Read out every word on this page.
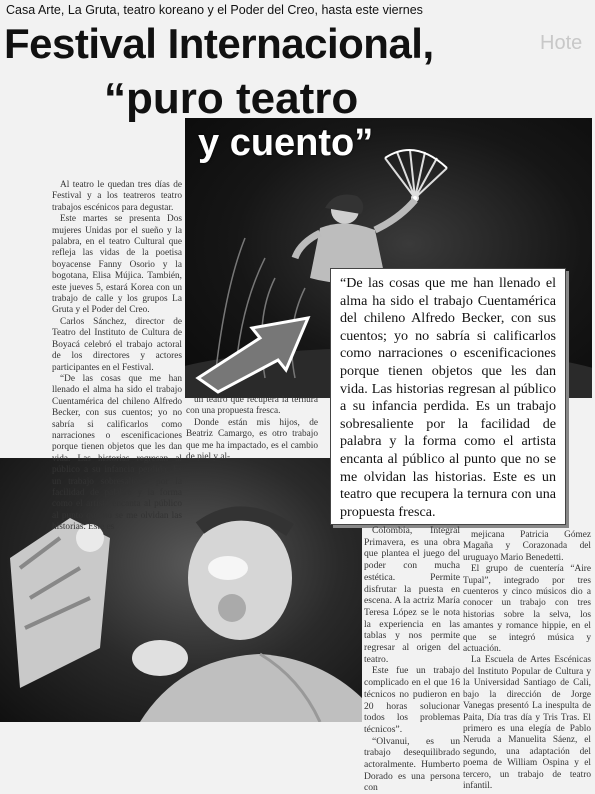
Casa Arte, La Gruta, teatro koreano y el Poder del Creo, hasta este viernes
Hote
Festival Internacional,
“puro teatro
y cuento”

Al teatro le quedan tres días de Festival y a los teatreros teatro trabajos escénicos para degustar.

Este martes se presenta Dos mujeres Unidas por el sueño y la palabra, en el teatro Cultural que refleja las vidas de la poetisa boyacense Fanny Osorio y la bogotana, Elisa Mújica. También, este jueves 5, estará Korea con un trabajo de calle y los grupos La Gruta y el Poder del Creo.

Carlos Sánchez, director de Teatro del Instituto de Cultura de Boyacá celebró el trabajo actoral de los directores y actores participantes en el Festival.

“De las cosas que me han llenado el alma ha sido el trabajo Cuentamérica del chileno Alfredo Becker, con sus cuentos; yo no sabría si calificarlos como narraciones o escenificaciones porque tienen objetos que les dan vida. Las historias regresan al público a su infancia perdida. Es un trabajo sobresaliente por la facilidad de palabra y la forma como el artista encanta al público al punto que no se me olvidan las historias. Este es

un teatro que recupera la ternura con una propuesta fresca.

Donde están mis hijos, de Beatriz Camargo, es otro trabajo que me ha impactado, es el cambio de piel y al-

“De las cosas que me han llenado el alma ha sido el trabajo Cuentamérica del chileno Alfredo Becker, con sus cuentos; yo no sabría si calificarlos como narraciones o escenificaciones porque tienen objetos que les dan vida. Las historias regresan al público a su infancia perdida. Es un trabajo sobresaliente por la facilidad de palabra y la forma como el artista encanta al público al punto que no se me olvidan las historias. Este es un teatro que recupera la ternura con una propuesta fresca.

Colombia, Integral Primavera, es una obra que plantea el juego del poder con mucha estética. Permite disfrutar la puesta en escena. A la actriz María Teresa López se le nota la experiencia en las tablas y nos permite regresar al origen del teatro.

Este fue un trabajo complicado en el que 16 técnicos no pudieron en 20 horas solucionar todos los problemas técnicos”.

“Olvanui, es un trabajo desequilibrado actoralmente. Humberto Dorado es una persona con

mejicana Patricia Gómez Magaña y Corazonada del uruguayo Mario Benedetti.

El grupo de cuentería “Aire Tupal”, integrado por tres cuenteros y cinco músicos dio a conocer un trabajo con tres historias sobre la selva, los amantes y romance hippie, en el que se integró música y actuación.

La Escuela de Artes Escénicas del Instituto Popular de Cultura y la Universidad Santiago de Cali, bajo la dirección de Jorge Vanegas presentó La inespulta de Paita, Día tras día y Tris Tras. El primero es una elegía de Pablo Neruda a Manuelita Sáenz, el segundo, una adaptación del poema de William Ospina y el tercero, un trabajo de teatro infantil.
